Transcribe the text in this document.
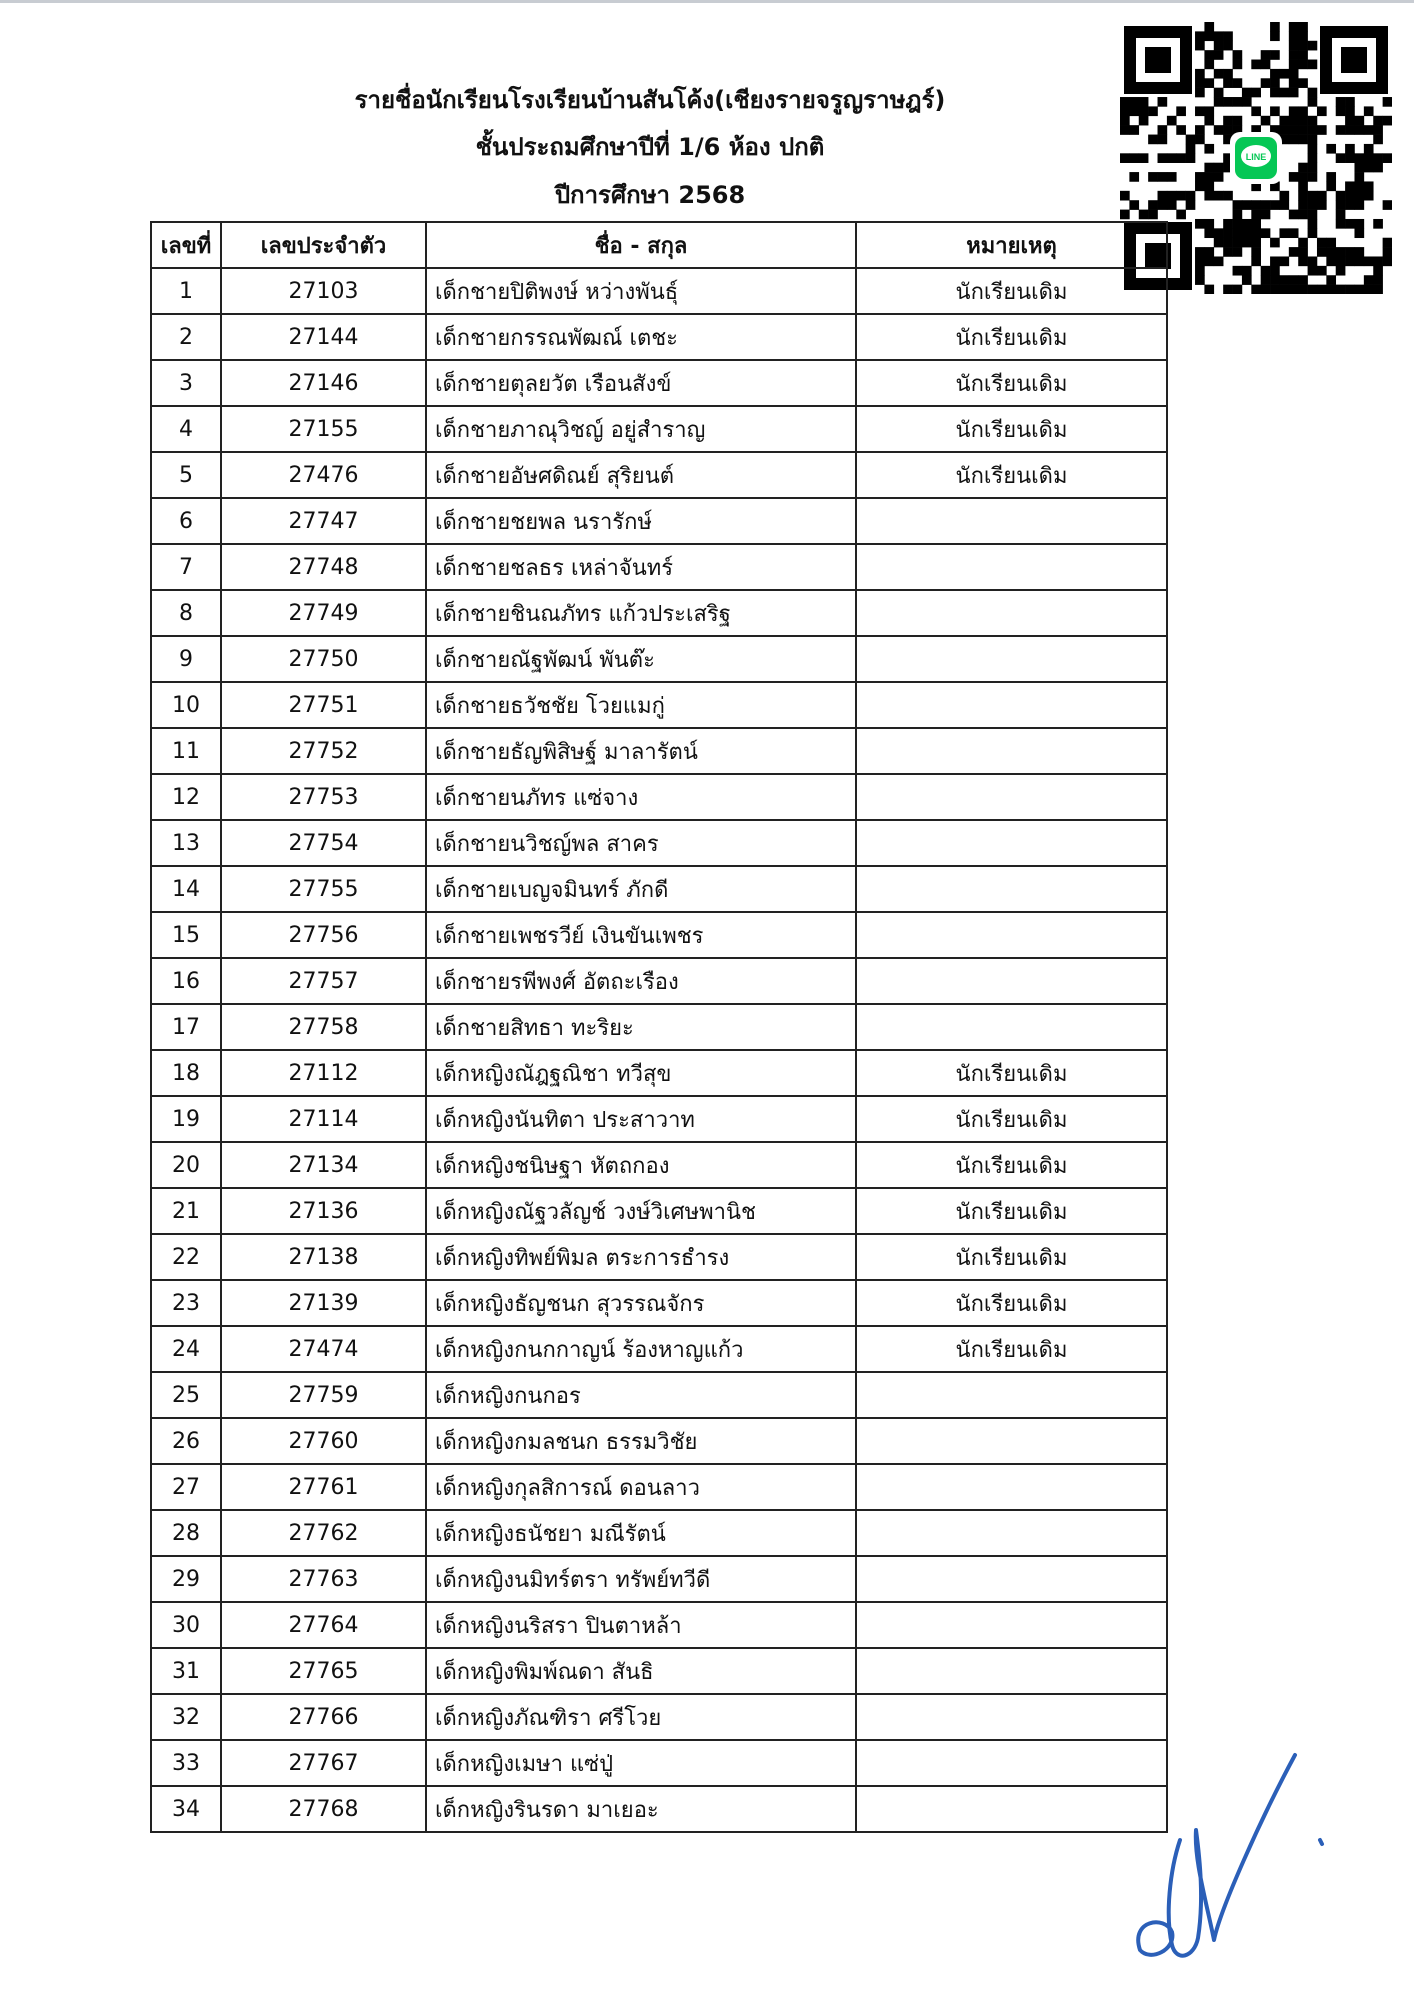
รายชื่อนักเรียนโรงเรียนบ้านสันโค้ง(เชียงรายจรูญราษฎร์)
ชั้นประถมศึกษาปีที่ 1/6 ห้อง ปกติ
ปีการศึกษา 2568
LINE
เลขที่	เลขประจำตัว	ชื่อ - สกุล	หมายเหตุ
1	27103	เด็กชายปิติพงษ์ หว่างพันธุ์	นักเรียนเดิม
2	27144	เด็กชายกรรณพัฒณ์ เตชะ	นักเรียนเดิม
3	27146	เด็กชายตุลยวัต เรือนสังข์	นักเรียนเดิม
4	27155	เด็กชายภาณุวิชญ์ อยู่สำราญ	นักเรียนเดิม
5	27476	เด็กชายอัษศดิณย์ สุริยนต์	นักเรียนเดิม
6	27747	เด็กชายชยพล นรารักษ์	
7	27748	เด็กชายชลธร เหล่าจันทร์	
8	27749	เด็กชายชินณภัทร แก้วประเสริฐ	
9	27750	เด็กชายณัฐพัฒน์ พันต๊ะ	
10	27751	เด็กชายธวัชชัย โวยแมกู่	
11	27752	เด็กชายธัญพิสิษฐ์ มาลารัตน์	
12	27753	เด็กชายนภัทร แซ่จาง	
13	27754	เด็กชายนวิชญ์พล สาคร	
14	27755	เด็กชายเบญจมินทร์ ภักดี	
15	27756	เด็กชายเพชรวีย์ เงินขันเพชร	
16	27757	เด็กชายรพีพงศ์ อัตถะเรือง	
17	27758	เด็กชายสิทธา ทะริยะ	
18	27112	เด็กหญิงณัฎฐณิชา ทวีสุข	นักเรียนเดิม
19	27114	เด็กหญิงนันทิตา ประสาวาท	นักเรียนเดิม
20	27134	เด็กหญิงชนิษฐา หัตถกอง	นักเรียนเดิม
21	27136	เด็กหญิงณัฐวลัญช์ วงษ์วิเศษพานิช	นักเรียนเดิม
22	27138	เด็กหญิงทิพย์พิมล ตระการธำรง	นักเรียนเดิม
23	27139	เด็กหญิงธัญชนก สุวรรณจักร	นักเรียนเดิม
24	27474	เด็กหญิงกนกกาญน์ ร้องหาญแก้ว	นักเรียนเดิม
25	27759	เด็กหญิงกนกอร	
26	27760	เด็กหญิงกมลชนก ธรรมวิชัย	
27	27761	เด็กหญิงกุลสิการณ์ ดอนลาว	
28	27762	เด็กหญิงธนัชยา มณีรัตน์	
29	27763	เด็กหญิงนมิทร์ตรา ทรัพย์ทวีดี	
30	27764	เด็กหญิงนริสรา ปินตาหล้า	
31	27765	เด็กหญิงพิมพ์ณดา สันธิ	
32	27766	เด็กหญิงภัณฑิรา ศรีโวย	
33	27767	เด็กหญิงเมษา แซ่ปู่	
34	27768	เด็กหญิงรินรดา มาเยอะ	
